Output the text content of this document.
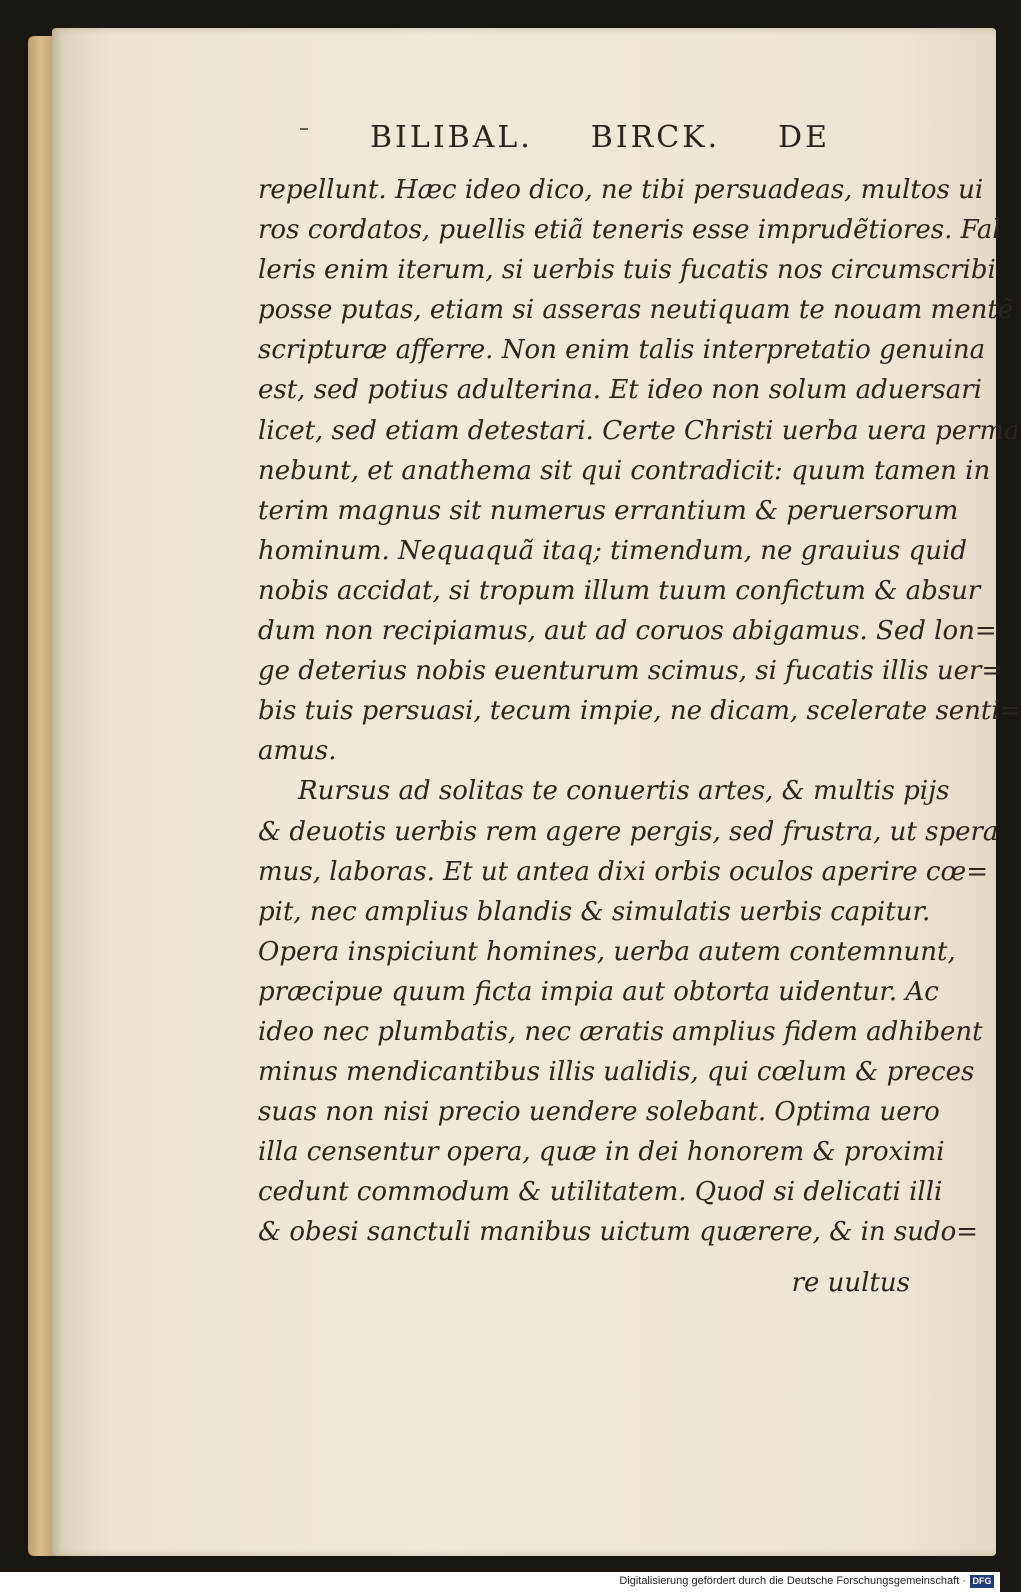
BILIBAL. BIRCK. DE
repellunt. Hæc ideo dico, ne tibi persuadeas, multos ui
ros cordatos, puellis etiã teneris esse imprudẽtiores. Fal
leris enim iterum, si uerbis tuis fucatis nos circumscribi
posse putas, etiam si asseras neutiquam te nouam mentẽ
scripturæ afferre. Non enim talis interpretatio genuina
est, sed potius adulterina. Et ideo non solum aduersari
licet, sed etiam detestari. Certe Christi uerba uera perma
nebunt, et anathema sit qui contradicit: quum tamen in
terim magnus sit numerus errantium & peruersorum
hominum. Nequaquã itaq; timendum, ne grauius quid
nobis accidat, si tropum illum tuum confictum & absur
dum non recipiamus, aut ad coruos abigamus. Sed lon=
ge deterius nobis euenturum scimus, si fucatis illis uer=
bis tuis persuasi, tecum impie, ne dicam, scelerate senti=
amus.
Rursus ad solitas te conuertis artes, & multis pijs
& deuotis uerbis rem agere pergis, sed frustra, ut spera
mus, laboras. Et ut antea dixi orbis oculos aperire cœ=
pit, nec amplius blandis & simulatis uerbis capitur.
Opera inspiciunt homines, uerba autem contemnunt,
præcipue quum ficta impia aut obtorta uidentur. Ac
ideo nec plumbatis, nec æratis amplius fidem adhibent
minus mendicantibus illis ualidis, qui cœlum & preces
suas non nisi precio uendere solebant. Optima uero
illa censentur opera, quæ in dei honorem & proximi
cedunt commodum & utilitatem. Quod si delicati illi
& obesi sanctuli manibus uictum quærere, & in sudo=
re uultus
Digitalisierung gefördert durch die Deutsche Forschungsgemeinschaft · DFG
